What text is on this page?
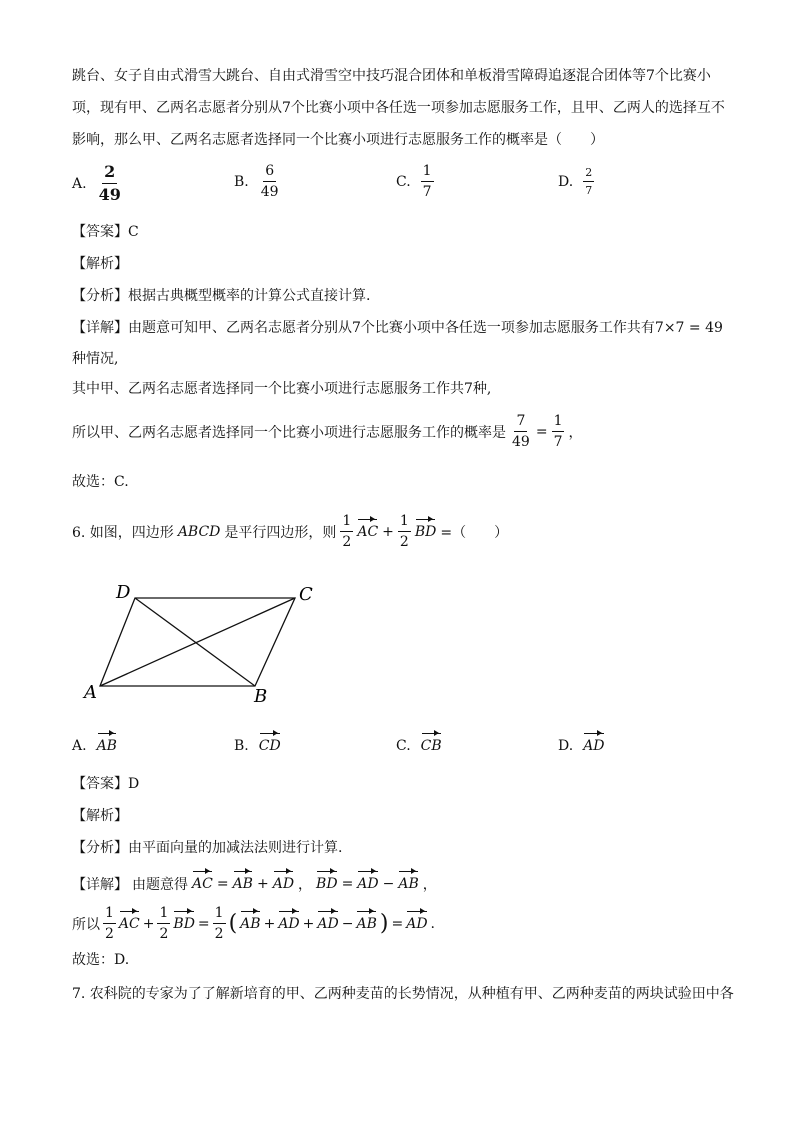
跳台、女子自由式滑雪大跳台、自由式滑雪空中技巧混合团体和单板滑雪障碍追逐混合团体等7个比赛小
项，现有甲、乙两名志愿者分别从7个比赛小项中各任选一项参加志愿服务工作，且甲、乙两人的选择互不
影响，那么甲、乙两名志愿者选择同一个比赛小项进行志愿服务工作的概率是（　　）
A. $\frac{2}{49}$	B. $\frac{6}{49}$	C. $\frac{1}{7}$	D. $\frac{2}{7}$
【答案】C
【解析】
【分析】根据古典概型概率的计算公式直接计算.
【详解】由题意可知甲、乙两名志愿者分别从7个比赛小项中各任选一项参加志愿服务工作共有7×7 = 49
种情况,
其中甲、乙两名志愿者选择同一个比赛小项进行志愿服务工作共7种,
所以甲、乙两名志愿者选择同一个比赛小项进行志愿服务工作的概率是 $\frac{7}{49} = \frac{1}{7}$ ，
故选：C.
6. 如图，四边形 ABCD 是平行四边形，则 $\frac{1}{2}$ AC + $\frac{1}{2}$ BD =（　　）
D	C
A	B
A. AB	B. CD	C. CB	D. AD
【答案】D
【解析】
【分析】由平面向量的加减法法则进行计算.
【详解】 由题意得 AC = AB + AD ， BD = AD − AB ，
所以 $\frac{1}{2}$ AC + $\frac{1}{2}$ BD = $\frac{1}{2}$ ( AB + AD + AD − AB ) = AD .
故选：D.
7. 农科院的专家为了了解新培育的甲、乙两种麦苗的长势情况，从种植有甲、乙两种麦苗的两块试验田中各
